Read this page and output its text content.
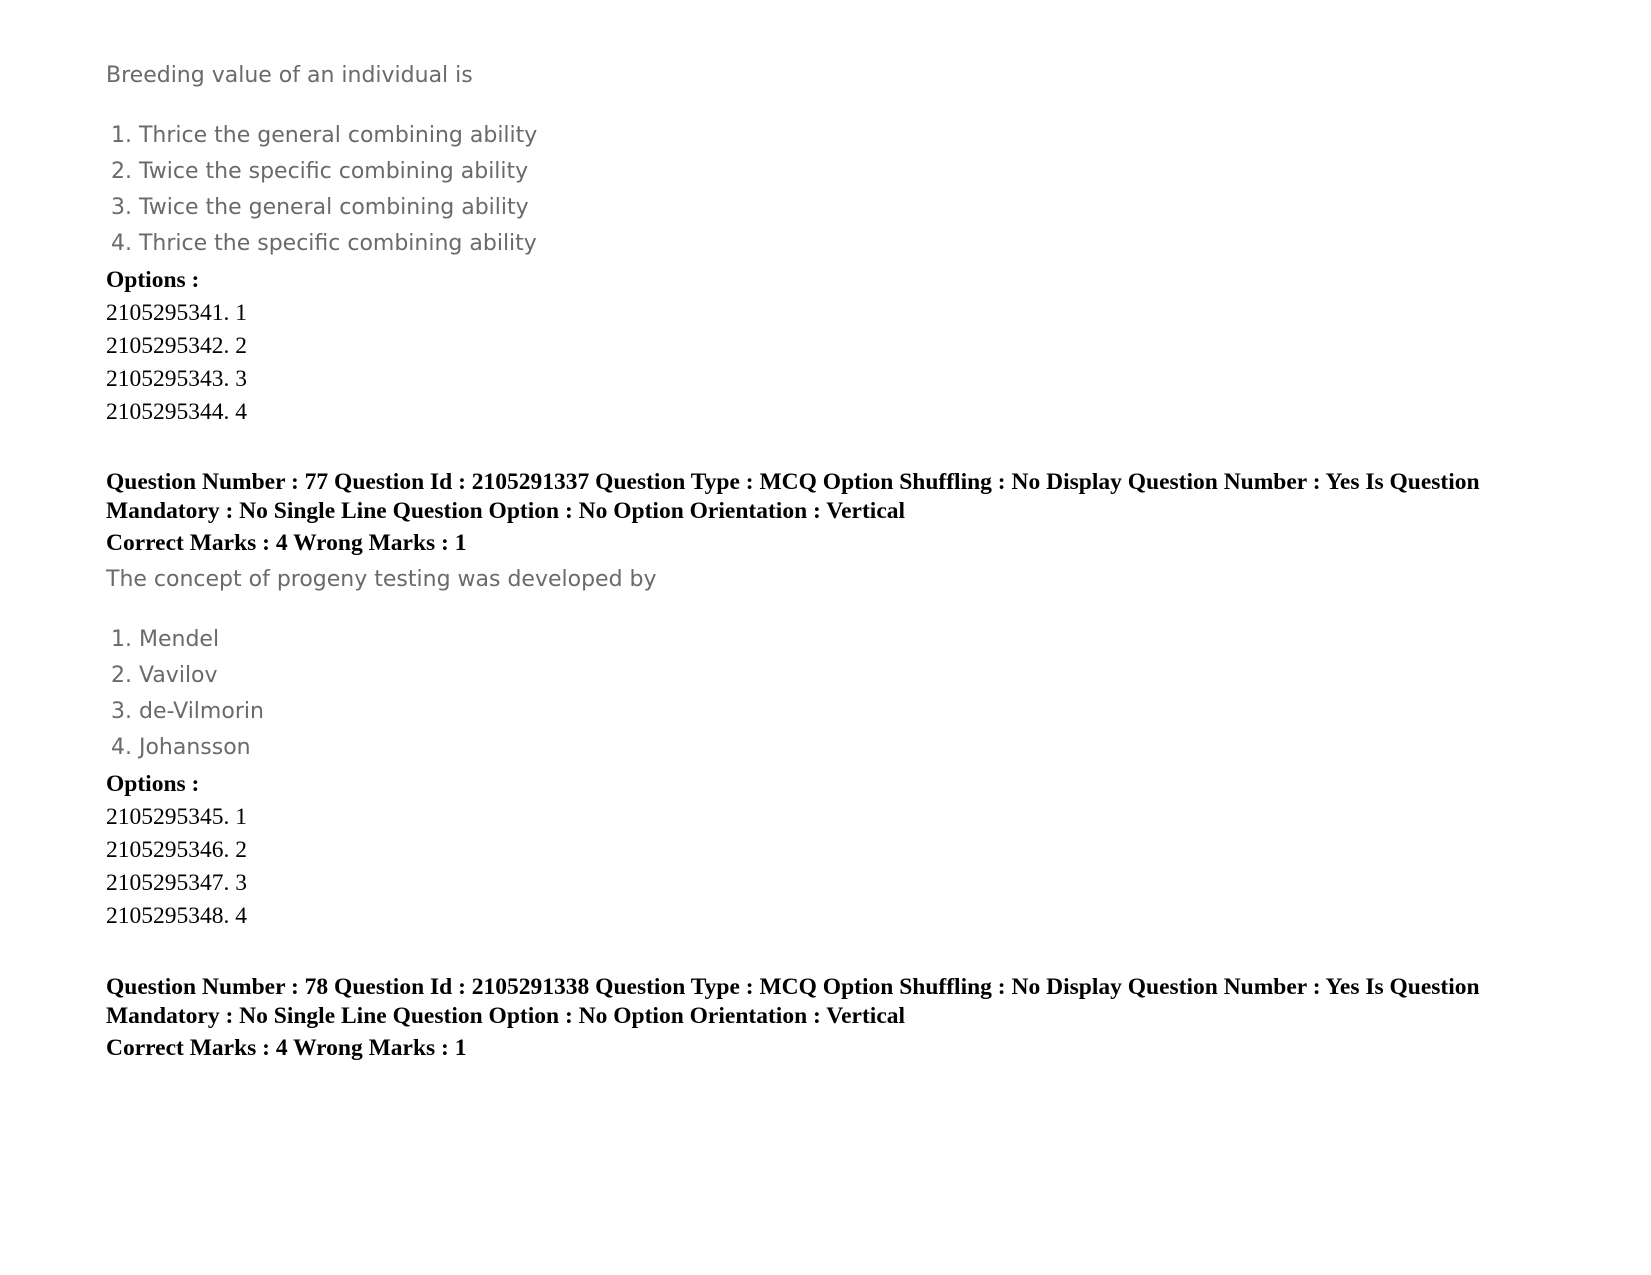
Breeding value of an individual is
1. Thrice the general combining ability
2. Twice the specific combining ability
3. Twice the general combining ability
4. Thrice the specific combining ability
Options :
2105295341. 1
2105295342. 2
2105295343. 3
2105295344. 4
Question Number : 77 Question Id : 2105291337 Question Type : MCQ Option Shuffling : No Display Question Number : Yes Is Question Mandatory : No Single Line Question Option : No Option Orientation : Vertical
Correct Marks : 4 Wrong Marks : 1
The concept of progeny testing was developed by
1. Mendel
2. Vavilov
3. de-Vilmorin
4. Johansson
Options :
2105295345. 1
2105295346. 2
2105295347. 3
2105295348. 4
Question Number : 78 Question Id : 2105291338 Question Type : MCQ Option Shuffling : No Display Question Number : Yes Is Question Mandatory : No Single Line Question Option : No Option Orientation : Vertical
Correct Marks : 4 Wrong Marks : 1
